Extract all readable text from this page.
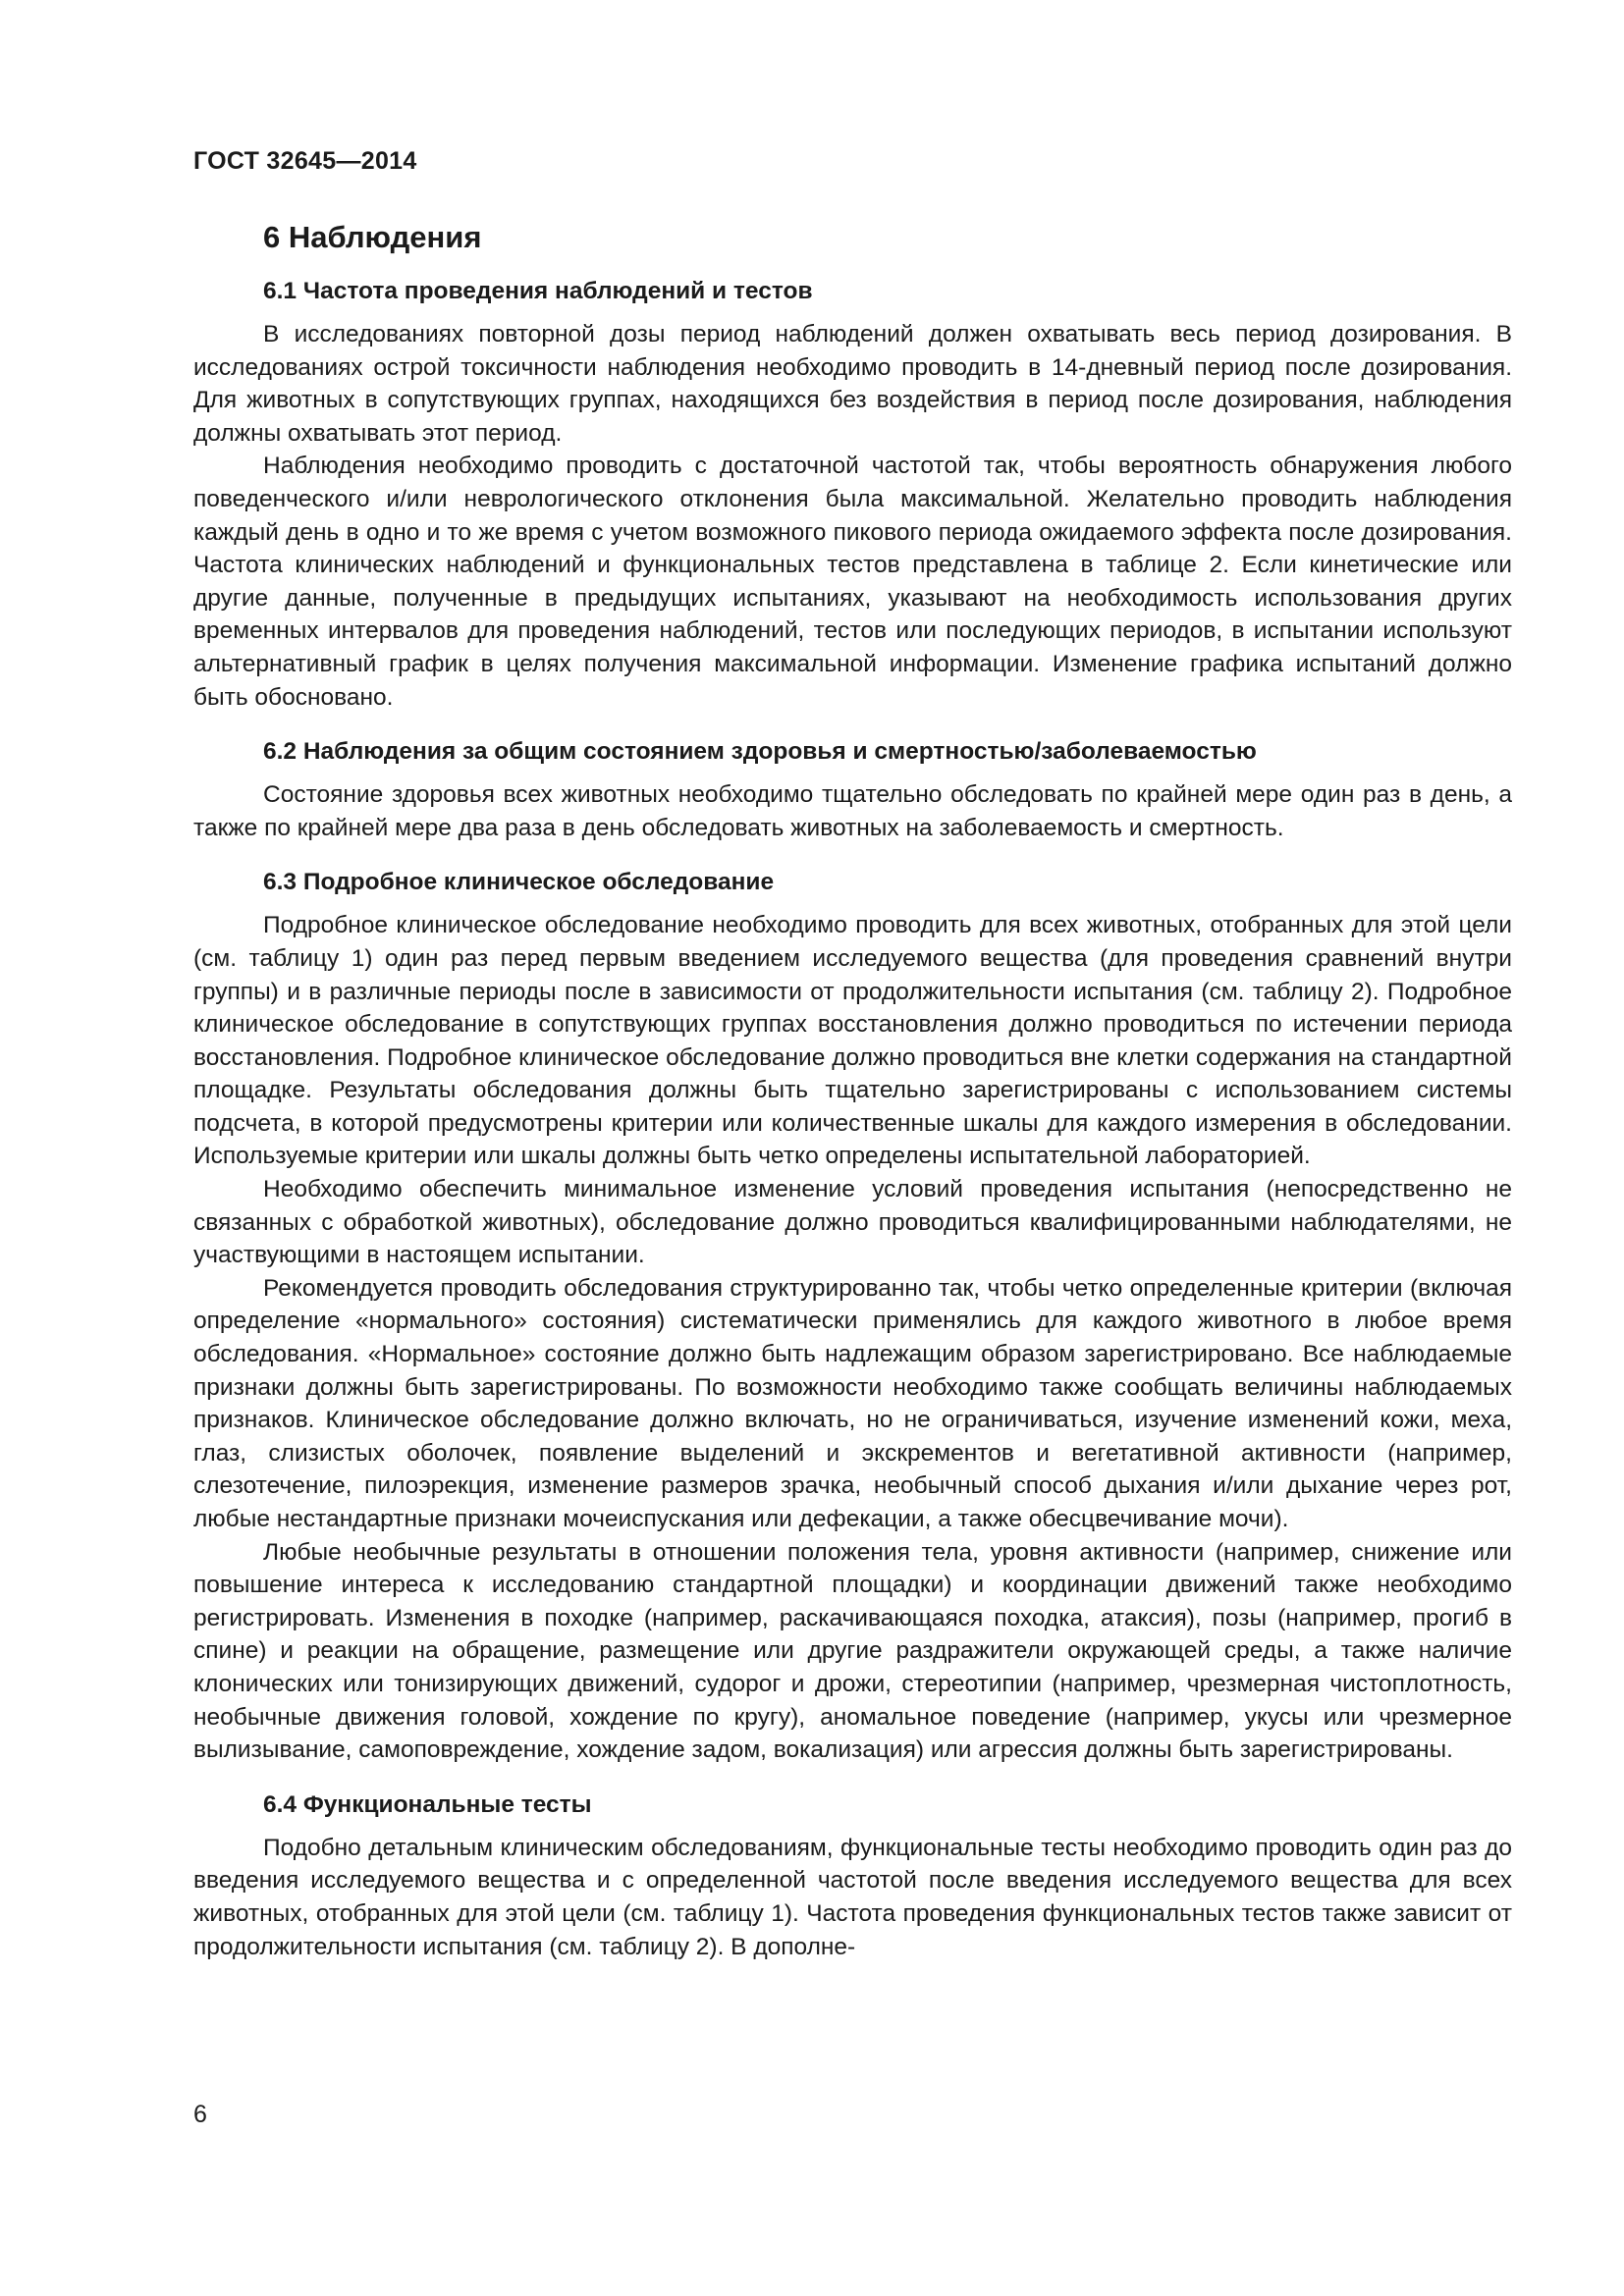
ГОСТ 32645—2014
6 Наблюдения
6.1 Частота проведения наблюдений и тестов

В исследованиях повторной дозы период наблюдений должен охватывать весь период дозирования. В исследованиях острой токсичности наблюдения необходимо проводить в 14-дневный период после дозирования. Для животных в сопутствующих группах, находящихся без воздействия в период после дозирования, наблюдения должны охватывать этот период.

Наблюдения необходимо проводить с достаточной частотой так, чтобы вероятность обнаружения любого поведенческого и/или неврологического отклонения была максимальной. Желательно проводить наблюдения каждый день в одно и то же время с учетом возможного пикового периода ожидаемого эффекта после дозирования. Частота клинических наблюдений и функциональных тестов представлена в таблице 2. Если кинетические или другие данные, полученные в предыдущих испытаниях, указывают на необходимость использования других временных интервалов для проведения наблюдений, тестов или последующих периодов, в испытании используют альтернативный график в целях получения максимальной информации. Изменение графика испытаний должно быть обосновано.

6.2 Наблюдения за общим состоянием здоровья и смертностью/заболеваемостью

Состояние здоровья всех животных необходимо тщательно обследовать по крайней мере один раз в день, а также по крайней мере два раза в день обследовать животных на заболеваемость и смертность.

6.3 Подробное клиническое обследование

Подробное клиническое обследование необходимо проводить для всех животных, отобранных для этой цели (см. таблицу 1) один раз перед первым введением исследуемого вещества (для проведения сравнений внутри группы) и в различные периоды после в зависимости от продолжительности испытания (см. таблицу 2). Подробное клиническое обследование в сопутствующих группах восстановления должно проводиться по истечении периода восстановления. Подробное клиническое обследование должно проводиться вне клетки содержания на стандартной площадке. Результаты обследования должны быть тщательно зарегистрированы с использованием системы подсчета, в которой предусмотрены критерии или количественные шкалы для каждого измерения в обследовании. Используемые критерии или шкалы должны быть четко определены испытательной лабораторией.

Необходимо обеспечить минимальное изменение условий проведения испытания (непосредственно не связанных с обработкой животных), обследование должно проводиться квалифицированными наблюдателями, не участвующими в настоящем испытании.

Рекомендуется проводить обследования структурированно так, чтобы четко определенные критерии (включая определение «нормального» состояния) систематически применялись для каждого животного в любое время обследования. «Нормальное» состояние должно быть надлежащим образом зарегистрировано. Все наблюдаемые признаки должны быть зарегистрированы. По возможности необходимо также сообщать величины наблюдаемых признаков. Клиническое обследование должно включать, но не ограничиваться, изучение изменений кожи, меха, глаз, слизистых оболочек, появление выделений и экскрементов и вегетативной активности (например, слезотечение, пилоэрекция, изменение размеров зрачка, необычный способ дыхания и/или дыхание через рот, любые нестандартные признаки мочеиспускания или дефекации, а также обесцвечивание мочи).

Любые необычные результаты в отношении положения тела, уровня активности (например, снижение или повышение интереса к исследованию стандартной площадки) и координации движений также необходимо регистрировать. Изменения в походке (например, раскачивающаяся походка, атаксия), позы (например, прогиб в спине) и реакции на обращение, размещение или другие раздражители окружающей среды, а также наличие клонических или тонизирующих движений, судорог и дрожи, стереотипии (например, чрезмерная чистоплотность, необычные движения головой, хождение по кругу), аномальное поведение (например, укусы или чрезмерное вылизывание, самоповреждение, хождение задом, вокализация) или агрессия должны быть зарегистрированы.

6.4 Функциональные тесты

Подобно детальным клиническим обследованиям, функциональные тесты необходимо проводить один раз до введения исследуемого вещества и с определенной частотой после введения исследуемого вещества для всех животных, отобранных для этой цели (см. таблицу 1). Частота проведения функциональных тестов также зависит от продолжительности испытания (см. таблицу 2). В дополне-

6
